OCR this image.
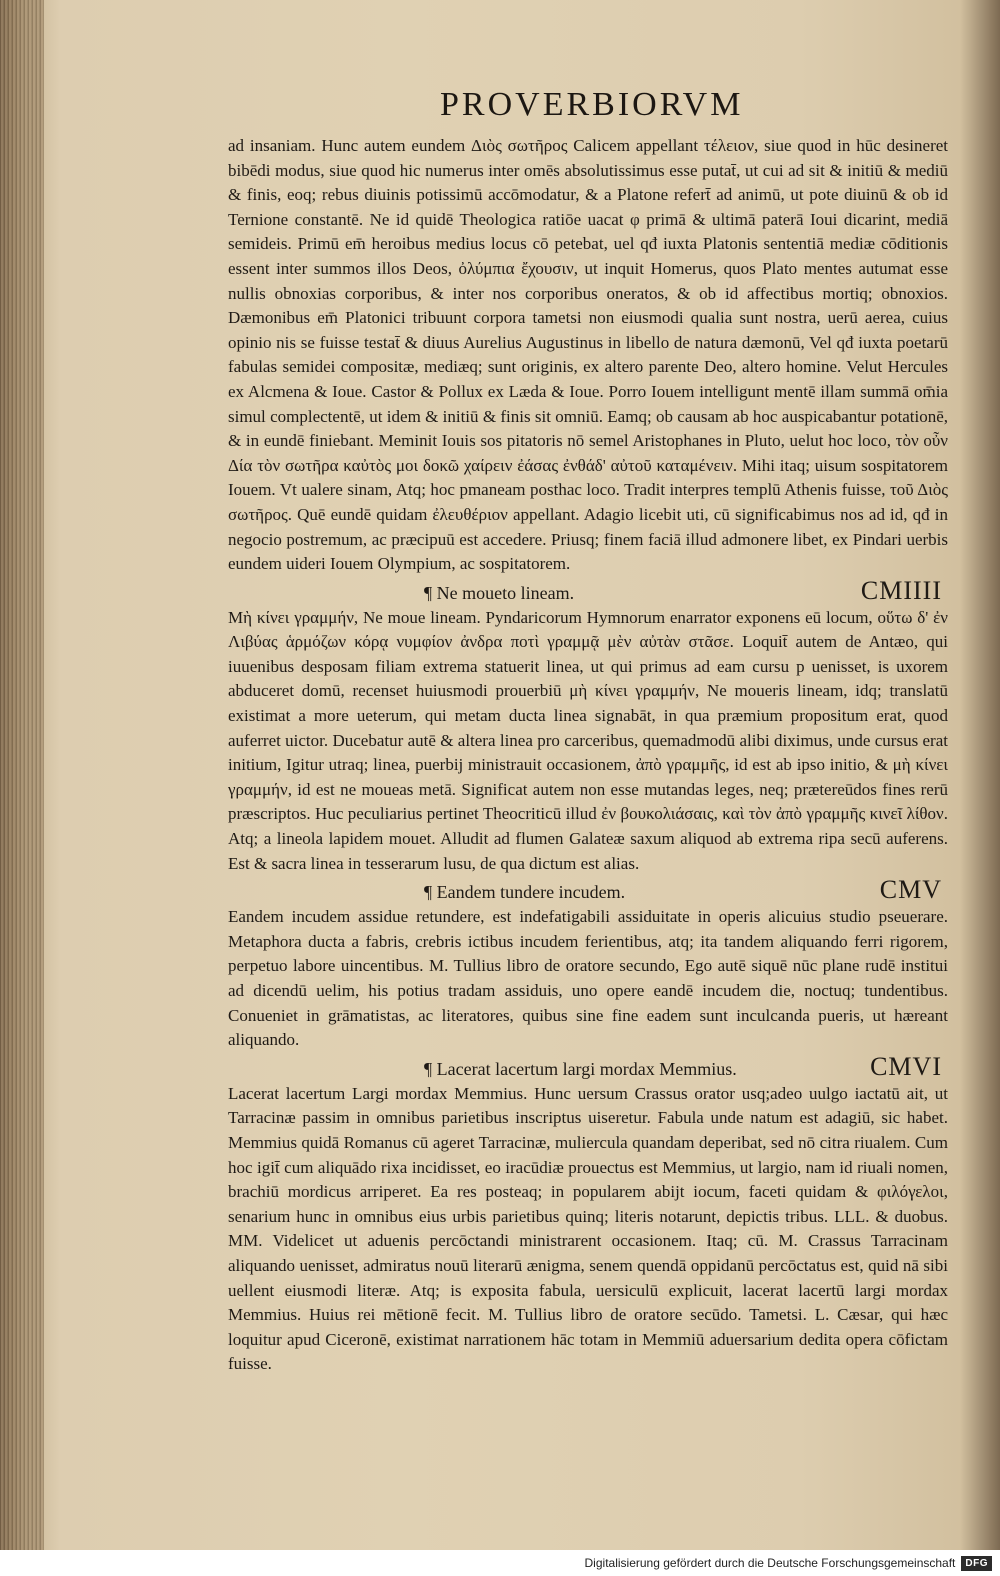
PROVERBIORVM

ad insaniam. Hunc autem eundem Διὸς σωτῆρος Calicem appellant τέλειον, siue quod in hūc desineret bibēdi modus, siue quod hic numerus inter omēs absolutissimus esse putat̄, ut cui ad sit & initiū & mediū & finis, eoq; rebus diuinis potissimū accōmodatur, & a Platone refert̄ ad animū, ut pote diuinū & ob id Ternione constantē. Ne id quidē Theologica ratiōe uacat φ primā & ultimā paterā Ioui dicarint, mediā semideis. Primū em̄ heroibus medius locus cō petebat, uel qđ iuxta Platonis sententiā mediæ cōditionis essent inter summos illos Deos, ὀλύμπια ἔχουσιν, ut inquit Homerus, quos Plato mentes autumat esse nullis obnoxias corporibus, & inter nos corporibus oneratos, & ob id affectibus mortiq; obnoxios. Dæmonibus em̄ Platonici tribuunt corpora tametsi non eiusmodi qualia sunt nostra, uerū aerea, cuius opinio nis se fuisse testat̄ & diuus Aurelius Augustinus in libello de natura dæmonū, Vel qđ iuxta poetarū fabulas semidei compositæ, mediæq; sunt originis, ex altero parente Deo, altero homine. Velut Hercules ex Alcmena & Ioue. Castor & Pollux ex Læda & Ioue. Porro Iouem intelligunt mentē illam summā om̄ia simul complectentē, ut idem & initiū & finis sit omniū. Eamq; ob causam ab hoc auspicabantur potationē, & in eundē finiebant. Meminit Iouis sos pitatoris nō semel Aristophanes in Pluto, uelut hoc loco, τὸν οὖν Δία τὸν σωτῆρα καὐτὸς μοι δοκῶ χαίρειν ἐάσας ἐνθάδ' αὐτοῦ καταμένειν. Mihi itaq; uisum sospitatorem Iouem. Vt ualere sinam, Atq; hoc pmaneam posthac loco. Tradit interpres templū Athenis fuisse, τοῦ Διὸς σωτῆρος. Quē eundē quidam ἐλευθέριον appellant. Adagio licebit uti, cū significabimus nos ad id, qđ in negocio postremum, ac præcipuū est accedere. Priusq; finem faciā illud admonere libet, ex Pindari uerbis eundem uideri Iouem Olympium, ac sospitatorem.

¶ Ne moueto lineam.	CMIIII

Μὴ κίνει γραμμήν, Ne moue lineam. Pyndaricorum Hymnorum enarrator exponens eū locum, οὕτω δ' ἐν Λιβύας ἁρμόζων κόρᾳ νυμφίον ἀνδρα ποτὶ γραμμᾷ μὲν αὐτὰν στᾶσε. Loquit̄ autem de Antæo, qui iuuenibus desposam filiam extrema statuerit linea, ut qui primus ad eam cursu p uenisset, is uxorem abduceret domū, recenset huiusmodi prouerbiū μὴ κίνει γραμμήν, Ne moueris lineam, idq; translatū existimat a more ueterum, qui metam ducta linea signabāt, in qua præmium propositum erat, quod auferret uictor. Ducebatur autē & altera linea pro carceribus, quemadmodū alibi diximus, unde cursus erat initium, Igitur utraq; linea, puerbij ministrauit occasionem, ἀπὸ γραμμῆς, id est ab ipso initio, & μὴ κίνει γραμμήν, id est ne moueas metā. Significat autem non esse mutandas leges, neq; prætereūdos fines rerū præscriptos. Huc peculiarius pertinet Theocriticū illud ἐν βουκολιάσαις, καὶ τὸν ἀπὸ γραμμῆς κινεῖ λίθον. Atq; a lineola lapidem mouet. Alludit ad flumen Galateæ saxum aliquod ab extrema ripa secū auferens. Est & sacra linea in tesserarum lusu, de qua dictum est alias.

¶ Eandem tundere incudem.	CMV

Eandem incudem assidue retundere, est indefatigabili assiduitate in operis alicuius studio pseuerare. Metaphora ducta a fabris, crebris ictibus incudem ferientibus, atq; ita tandem aliquando ferri rigorem, perpetuo labore uincentibus. M. Tullius libro de oratore secundo, Ego autē siquē nūc plane rudē institui ad dicendū uelim, his potius tradam assiduis, uno opere eandē incudem die, noctuq; tundentibus. Conueniet in grāmatistas, ac literatores, quibus sine fine eadem sunt inculcanda pueris, ut hæreant aliquando.

¶ Lacerat lacertum largi mordax Memmius.	CMVI

Lacerat lacertum Largi mordax Memmius. Hunc uersum Crassus orator usq;adeo uulgo iactatū ait, ut Tarracinæ passim in omnibus parietibus inscriptus uiseretur. Fabula unde natum est adagiū, sic habet. Memmius quidā Romanus cū ageret Tarracinæ, muliercula quandam deperibat, sed nō citra riualem. Cum hoc igit̄ cum aliquādo rixa incidisset, eo iracūdiæ prouectus est Memmius, ut largio, nam id riuali nomen, brachiū mordicus arriperet. Ea res posteaq; in popularem abijt iocum, faceti quidam & φιλόγελοι, senarium hunc in omnibus eius urbis parietibus quinq; literis notarunt, depictis tribus. LLL. & duobus. MM. Videlicet ut aduenis percōctandi ministrarent occasionem. Itaq; cū. M. Crassus Tarracinam aliquando uenisset, admiratus nouū literarū ænigma, senem quendā oppidanū percōctatus est, quid nā sibi uellent eiusmodi literæ. Atq; is exposita fabula, uersiculū explicuit, lacerat lacertū largi mordax Memmius. Huius rei mētionē fecit. M. Tullius libro de oratore secūdo. Tametsi. L. Cæsar, qui hæc loquitur apud Ciceronē, existimat narrationem hāc totam in Memmiū aduersarium dedita opera cōfictam fuisse.

Digitalisierung gefördert durch die Deutsche Forschungsgemeinschaft	DFG
